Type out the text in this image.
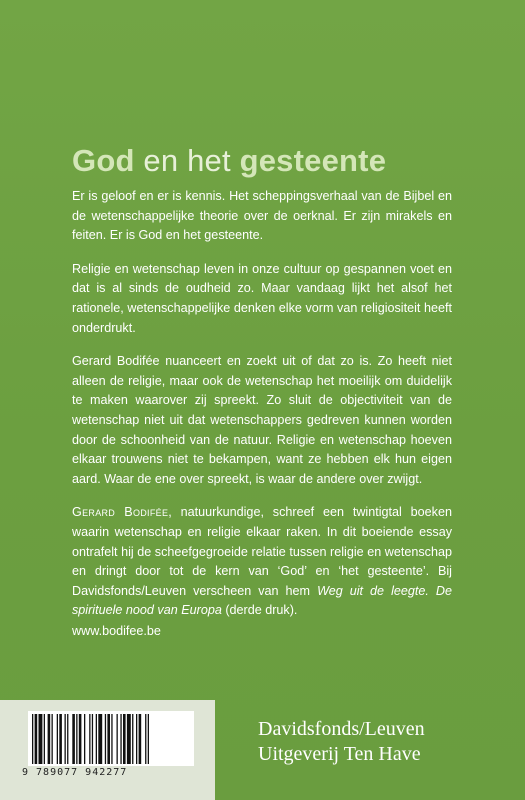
God en het gesteente

Er is geloof en er is kennis. Het scheppingsverhaal van de Bijbel en de wetenschappelijke theorie over de oerknal. Er zijn mirakels en feiten. Er is God en het gesteente.

Religie en wetenschap leven in onze cultuur op gespannen voet en dat is al sinds de oudheid zo. Maar vandaag lijkt het alsof het rationele, wetenschappelijke denken elke vorm van religiositeit heeft onderdrukt.

Gerard Bodifée nuanceert en zoekt uit of dat zo is. Zo heeft niet alleen de religie, maar ook de wetenschap het moeilijk om duidelijk te maken waarover zij spreekt. Zo sluit de objectiviteit van de wetenschap niet uit dat wetenschappers gedreven kunnen worden door de schoonheid van de natuur. Religie en wetenschap hoeven elkaar trouwens niet te bekampen, want ze hebben elk hun eigen aard. Waar de ene over spreekt, is waar de andere over zwijgt.

Gerard Bodifée, natuurkundige, schreef een twintigtal boeken waarin wetenschap en religie elkaar raken. In dit boeiende essay ontrafelt hij de scheefgegroeide relatie tussen religie en wetenschap en dringt door tot de kern van ‘God’ en ‘het gesteente’. Bij Davidsfonds/Leuven verscheen van hem Weg uit de leegte. De spirituele nood van Europa (derde druk).

www.bodifee.be
9 789077 942277
Davidsfonds/Leuven
Uitgeverij Ten Have
